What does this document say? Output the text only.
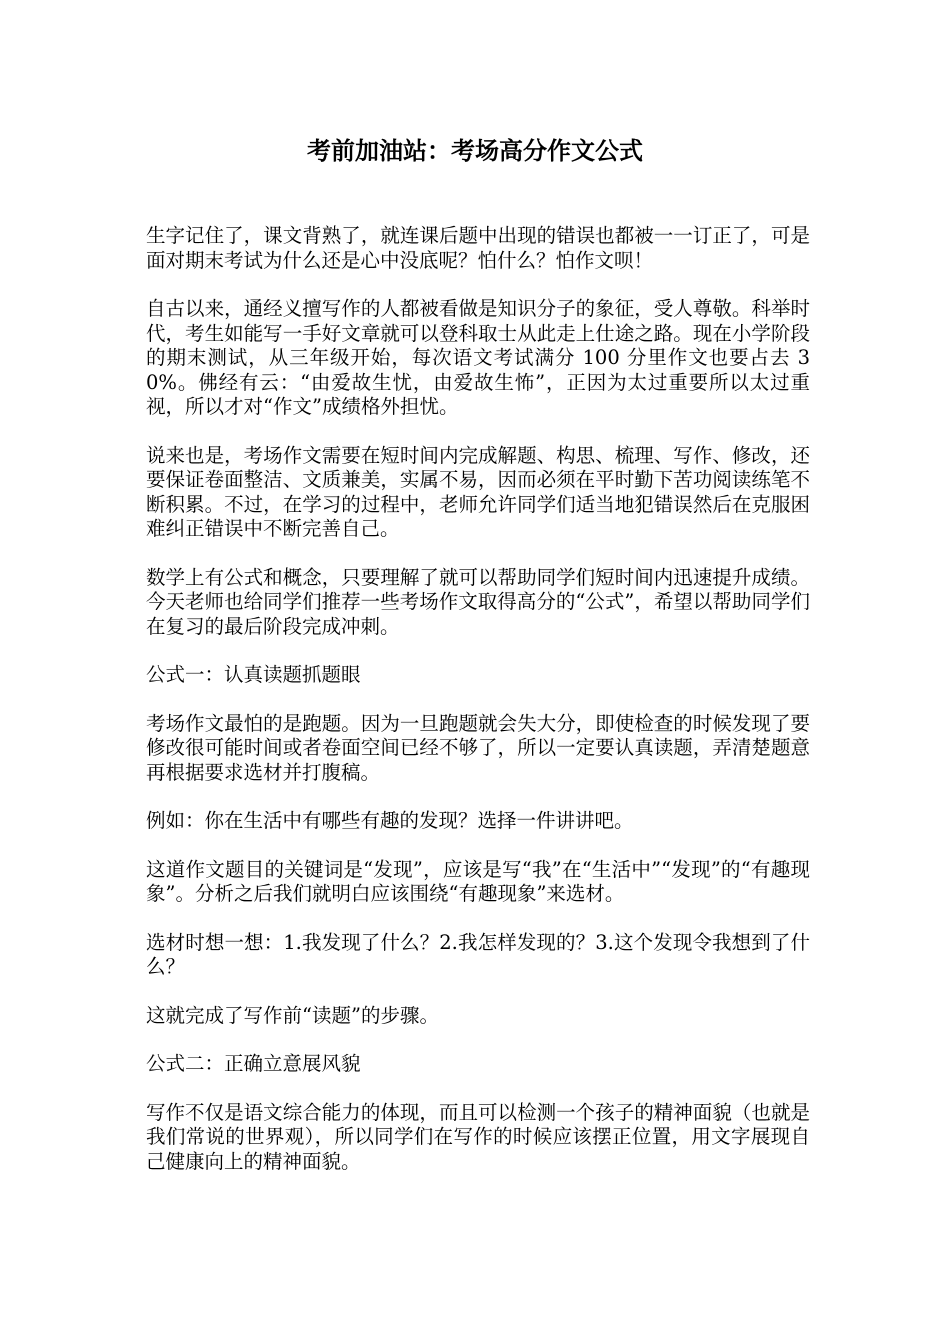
考前加油站：考场高分作文公式

生字记住了，课文背熟了，就连课后题中出现的错误也都被一一订正了，可是面对期末考试为什么还是心中没底呢？怕什么？怕作文呗！

自古以来，通经义擅写作的人都被看做是知识分子的象征，受人尊敬。科举时代，考生如能写一手好文章就可以登科取士从此走上仕途之路。现在小学阶段的期末测试，从三年级开始，每次语文考试满分 100 分里作文也要占去 30%。佛经有云：“由爱故生忧，由爱故生怖”，正因为太过重要所以太过重视，所以才对“作文”成绩格外担忧。

说来也是，考场作文需要在短时间内完成解题、构思、梳理、写作、修改，还要保证卷面整洁、文质兼美，实属不易，因而必须在平时勤下苦功阅读练笔不断积累。不过，在学习的过程中，老师允许同学们适当地犯错误然后在克服困难纠正错误中不断完善自己。

数学上有公式和概念，只要理解了就可以帮助同学们短时间内迅速提升成绩。今天老师也给同学们推荐一些考场作文取得高分的“公式”，希望以帮助同学们在复习的最后阶段完成冲刺。

公式一：认真读题抓题眼

考场作文最怕的是跑题。因为一旦跑题就会失大分，即使检查的时候发现了要修改很可能时间或者卷面空间已经不够了，所以一定要认真读题，弄清楚题意再根据要求选材并打腹稿。

例如：你在生活中有哪些有趣的发现？选择一件讲讲吧。

这道作文题目的关键词是“发现”，应该是写“我”在“生活中”“发现”的“有趣现象”。分析之后我们就明白应该围绕“有趣现象”来选材。

选材时想一想：1.我发现了什么？2.我怎样发现的？3.这个发现令我想到了什么？

这就完成了写作前“读题”的步骤。

公式二：正确立意展风貌

写作不仅是语文综合能力的体现，而且可以检测一个孩子的精神面貌（也就是我们常说的世界观），所以同学们在写作的时候应该摆正位置，用文字展现自己健康向上的精神面貌。
